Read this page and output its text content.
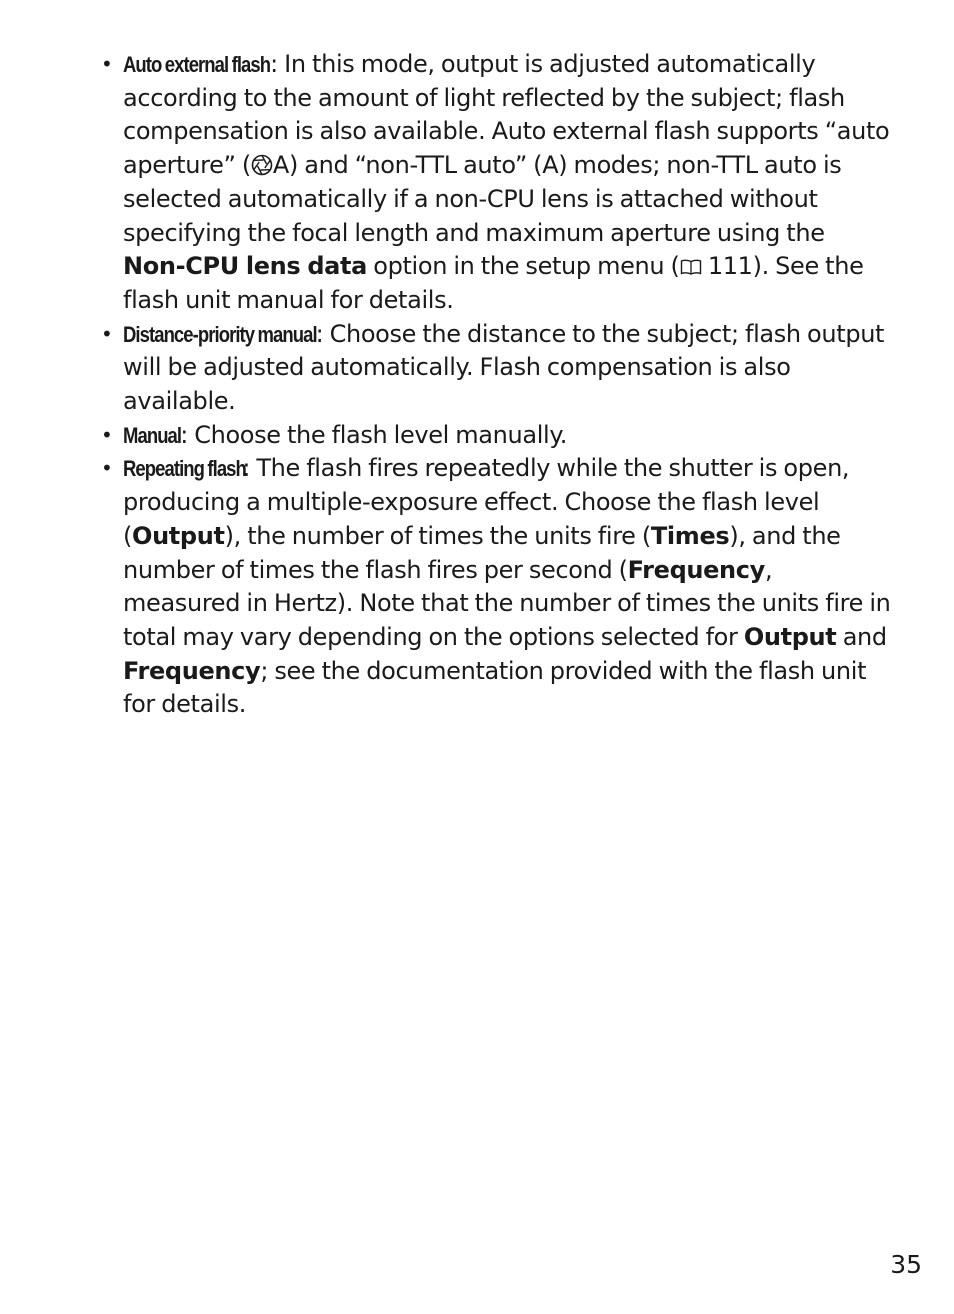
• Auto external flash: In this mode, output is adjusted automatically according to the amount of light reflected by the subject; flash compensation is also available. Auto external flash supports “auto aperture” ( A) and “non-TTL auto” (A) modes; non-TTL auto is selected automatically if a non-CPU lens is attached without specifying the focal length and maximum aperture using the Non-CPU lens data option in the setup menu ( 111). See the flash unit manual for details.
• Distance-priority manual: Choose the distance to the subject; flash output will be adjusted automatically. Flash compensation is also available.
• Manual: Choose the flash level manually.
• Repeating flash: The flash fires repeatedly while the shutter is open, producing a multiple-exposure effect. Choose the flash level (Output), the number of times the units fire (Times), and the number of times the flash fires per second (Frequency, measured in Hertz). Note that the number of times the units fire in total may vary depending on the options selected for Output and Frequency; see the documentation provided with the flash unit for details.
35
